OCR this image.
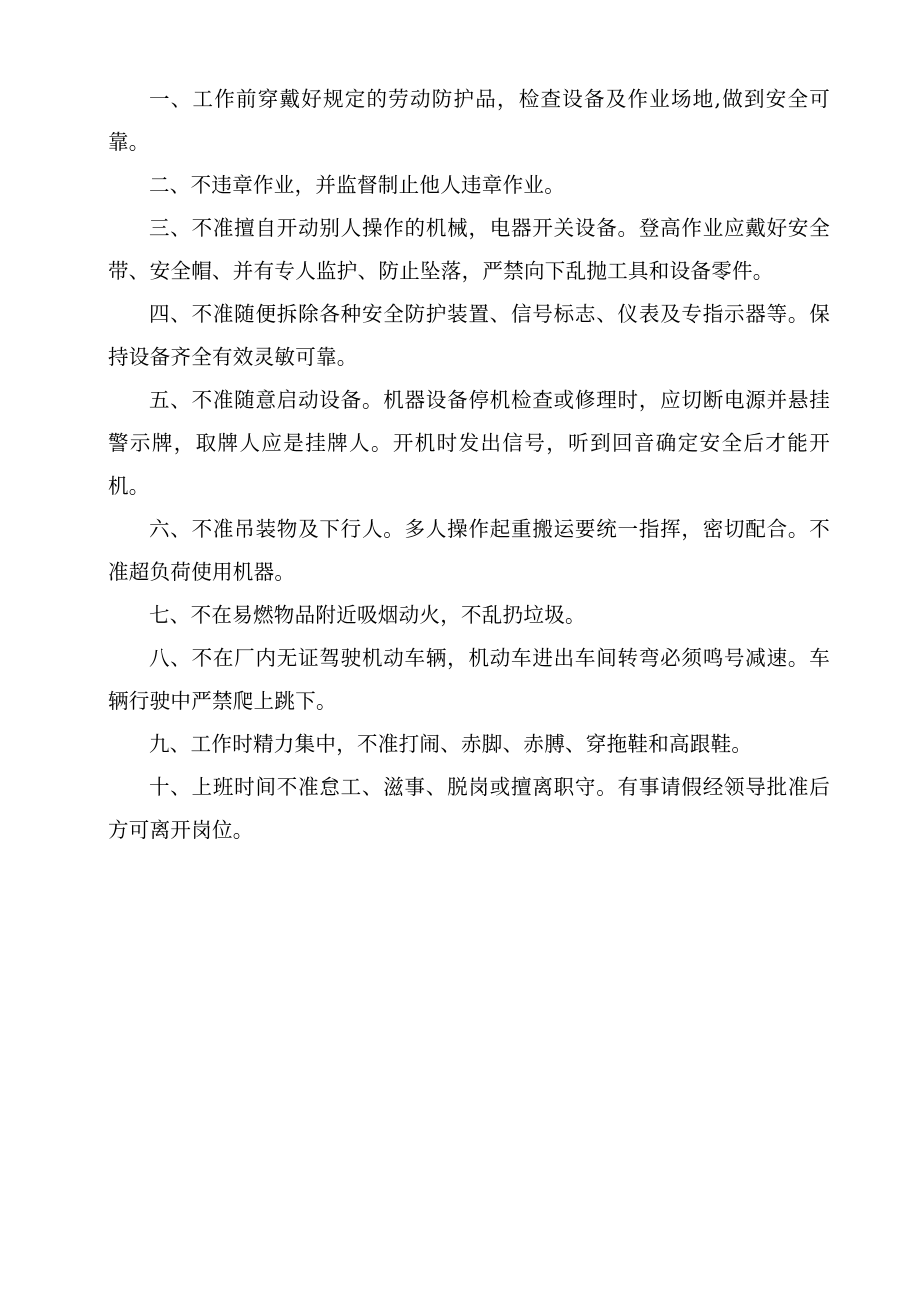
一、工作前穿戴好规定的劳动防护品，检查设备及作业场地,做到安全可靠。

二、不违章作业，并监督制止他人违章作业。

三、不准擅自开动别人操作的机械，电器开关设备。登高作业应戴好安全带、安全帽、并有专人监护、防止坠落，严禁向下乱抛工具和设备零件。

四、不准随便拆除各种安全防护装置、信号标志、仪表及专指示器等。保持设备齐全有效灵敏可靠。

五、不准随意启动设备。机器设备停机检查或修理时，应切断电源并悬挂警示牌，取牌人应是挂牌人。开机时发出信号，听到回音确定安全后才能开机。

六、不准吊装物及下行人。多人操作起重搬运要统一指挥，密切配合。不准超负荷使用机器。

七、不在易燃物品附近吸烟动火，不乱扔垃圾。

八、不在厂内无证驾驶机动车辆，机动车进出车间转弯必须鸣号减速。车辆行驶中严禁爬上跳下。

九、工作时精力集中，不准打闹、赤脚、赤膊、穿拖鞋和高跟鞋。

十、上班时间不准怠工、滋事、脱岗或擅离职守。有事请假经领导批准后方可离开岗位。
